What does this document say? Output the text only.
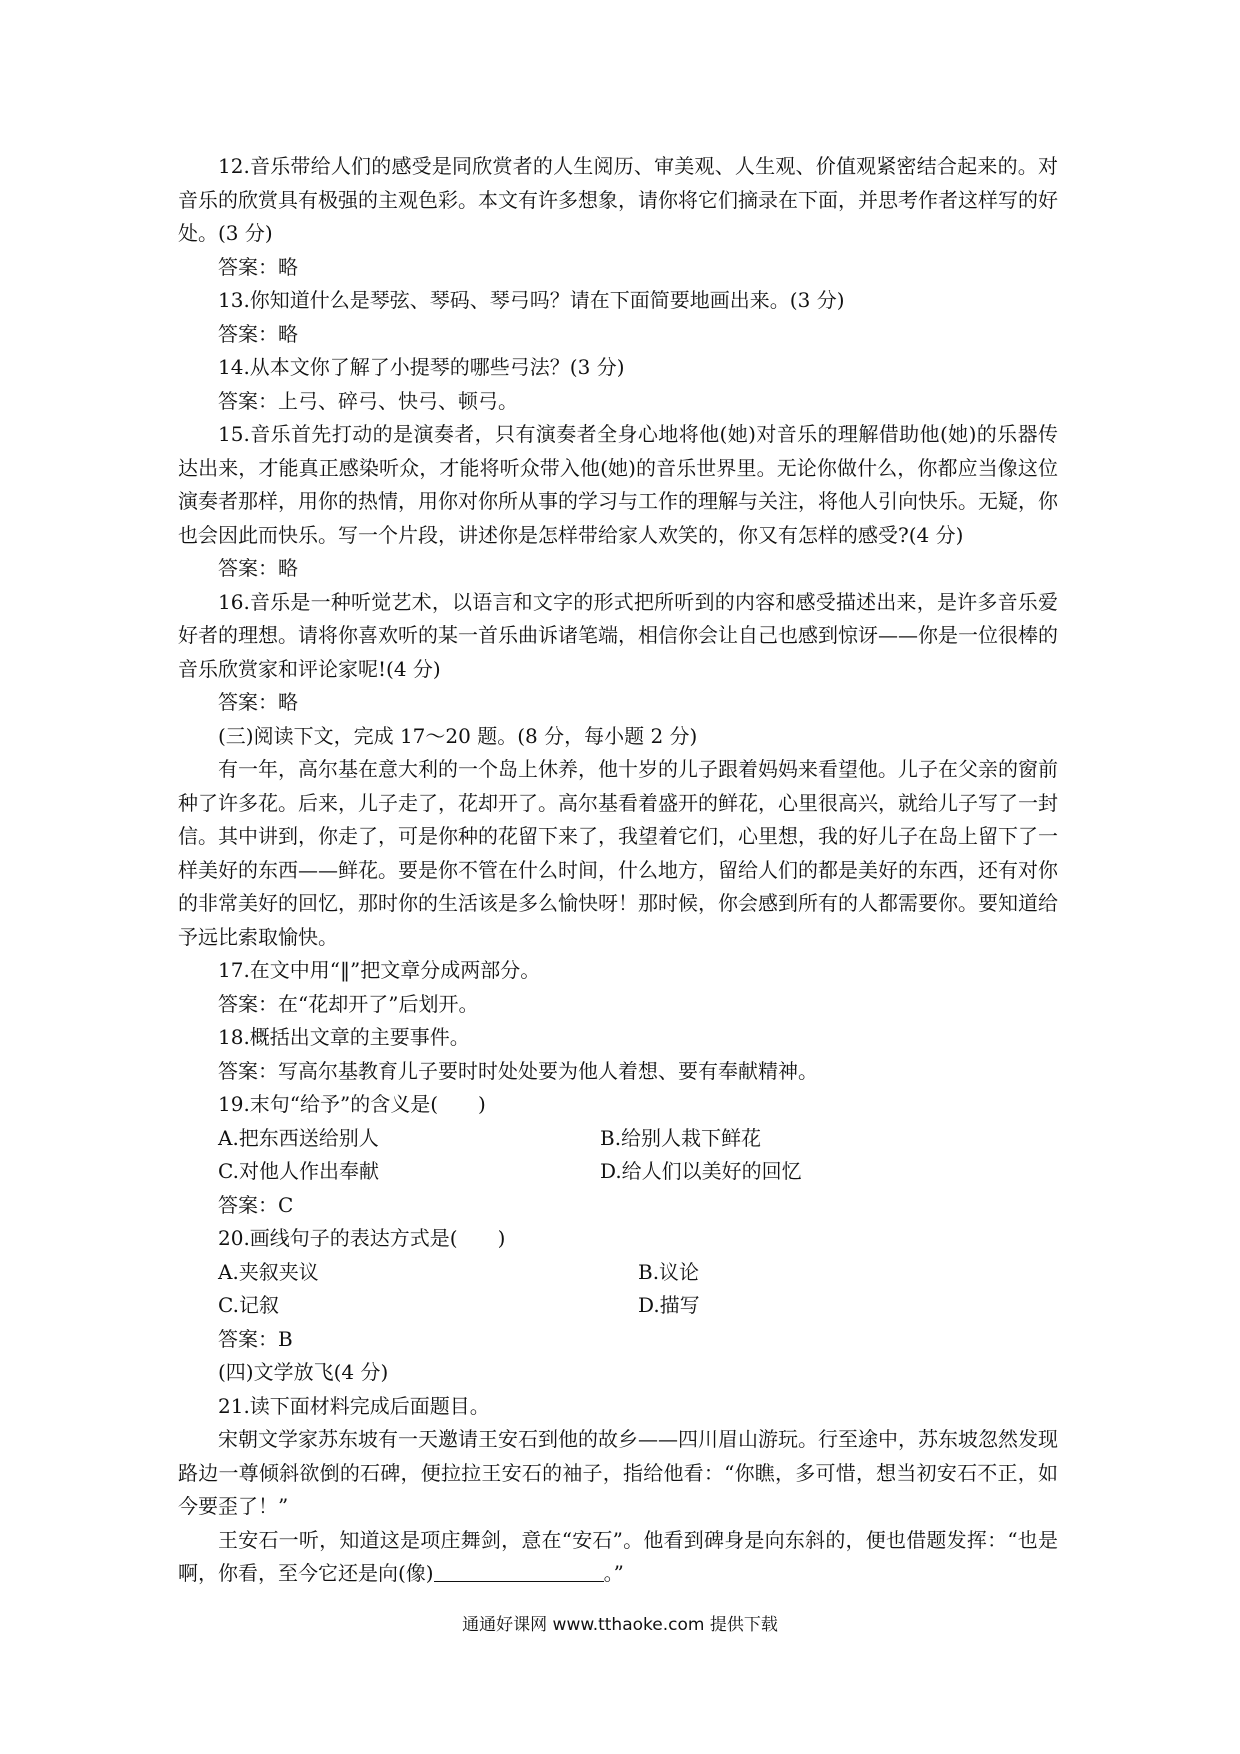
12.音乐带给人们的感受是同欣赏者的人生阅历、审美观、人生观、价值观紧密结合起来的。对音乐的欣赏具有极强的主观色彩。本文有许多想象，请你将它们摘录在下面，并思考作者这样写的好处。(3 分)

答案：略

13.你知道什么是琴弦、琴码、琴弓吗？请在下面简要地画出来。(3 分)

答案：略

14.从本文你了解了小提琴的哪些弓法？(3 分)

答案：上弓、碎弓、快弓、顿弓。

15.音乐首先打动的是演奏者，只有演奏者全身心地将他(她)对音乐的理解借助他(她)的乐器传达出来，才能真正感染听众，才能将听众带入他(她)的音乐世界里。无论你做什么，你都应当像这位演奏者那样，用你的热情，用你对你所从事的学习与工作的理解与关注，将他人引向快乐。无疑，你也会因此而快乐。写一个片段，讲述你是怎样带给家人欢笑的，你又有怎样的感受?(4 分)

答案：略

16.音乐是一种听觉艺术，以语言和文字的形式把所听到的内容和感受描述出来，是许多音乐爱好者的理想。请将你喜欢听的某一首乐曲诉诸笔端，相信你会让自己也感到惊讶——你是一位很棒的音乐欣赏家和评论家呢!(4 分)

答案：略

(三)阅读下文，完成 17～20 题。(8 分，每小题 2 分)

有一年，高尔基在意大利的一个岛上休养，他十岁的儿子跟着妈妈来看望他。儿子在父亲的窗前种了许多花。后来，儿子走了，花却开了。高尔基看着盛开的鲜花，心里很高兴，就给儿子写了一封信。其中讲到，你走了，可是你种的花留下来了，我望着它们，心里想，我的好儿子在岛上留下了一样美好的东西——鲜花。要是你不管在什么时间，什么地方，留给人们的都是美好的东西，还有对你的非常美好的回忆，那时你的生活该是多么愉快呀！那时候，你会感到所有的人都需要你。要知道给予远比索取愉快。

17.在文中用“‖”把文章分成两部分。

答案：在“花却开了”后划开。

18.概括出文章的主要事件。

答案：写高尔基教育儿子要时时处处要为他人着想、要有奉献精神。

19.末句“给予”的含义是(　　)

A.把东西送给别人	B.给别人栽下鲜花
C.对他人作出奉献	D.给人们以美好的回忆

答案：C

20.画线句子的表达方式是(　　)

A.夹叙夹议	B.议论
C.记叙	D.描写

答案：B

(四)文学放飞(4 分)

21.读下面材料完成后面题目。

宋朝文学家苏东坡有一天邀请王安石到他的故乡——四川眉山游玩。行至途中，苏东坡忽然发现路边一尊倾斜欲倒的石碑，便拉拉王安石的袖子，指给他看：“你瞧，多可惜，想当初安石不正，如今要歪了！”

王安石一听，知道这是项庄舞剑，意在“安石”。他看到碑身是向东斜的，便也借题发挥：“也是啊，你看，至今它还是向(像)	。”

通通好课网 www.tthaoke.com 提供下载
